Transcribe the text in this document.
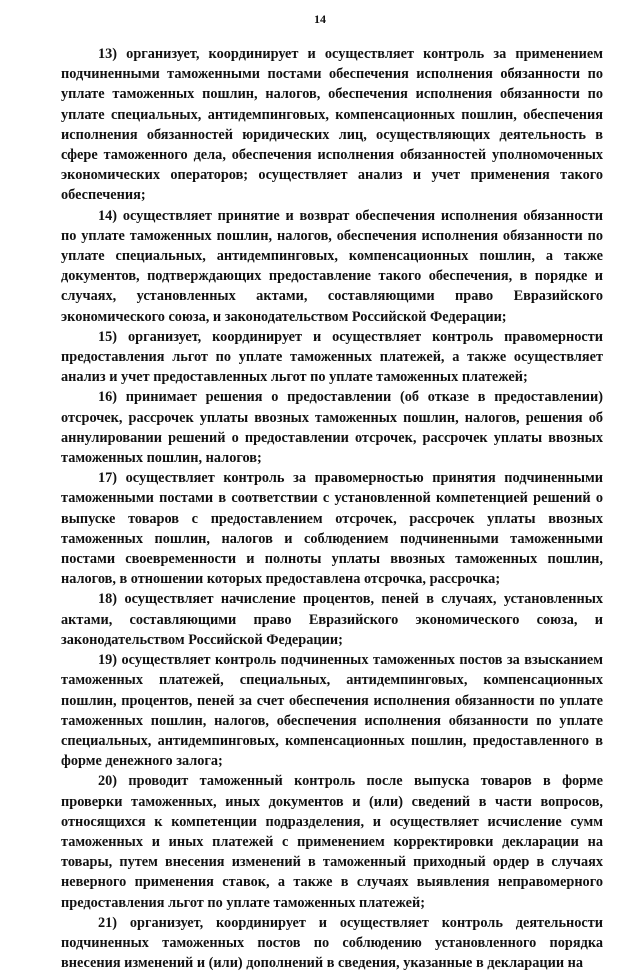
14

13) организует, координирует и осуществляет контроль за применением подчиненными таможенными постами обеспечения исполнения обязанности по уплате таможенных пошлин, налогов, обеспечения исполнения обязанности по уплате специальных, антидемпинговых, компенсационных пошлин, обеспечения исполнения обязанностей юридических лиц, осуществляющих деятельность в сфере таможенного дела, обеспечения исполнения обязанностей уполномоченных экономических операторов; осуществляет анализ и учет применения такого обеспечения;

14) осуществляет принятие и возврат обеспечения исполнения обязанности по уплате таможенных пошлин, налогов, обеспечения исполнения обязанности по уплате специальных, антидемпинговых, компенсационных пошлин, а также документов, подтверждающих предоставление такого обеспечения, в порядке и случаях, установленных актами, составляющими право Евразийского экономического союза, и законодательством Российской Федерации;

15) организует, координирует и осуществляет контроль правомерности предоставления льгот по уплате таможенных платежей, а также осуществляет анализ и учет предоставленных льгот по уплате таможенных платежей;

16) принимает решения о предоставлении (об отказе в предоставлении) отсрочек, рассрочек уплаты ввозных таможенных пошлин, налогов, решения об аннулировании решений о предоставлении отсрочек, рассрочек уплаты ввозных таможенных пошлин, налогов;

17) осуществляет контроль за правомерностью принятия подчиненными таможенными постами в соответствии с установленной компетенцией решений о выпуске товаров с предоставлением отсрочек, рассрочек уплаты ввозных таможенных пошлин, налогов и соблюдением подчиненными таможенными постами своевременности и полноты уплаты ввозных таможенных пошлин, налогов, в отношении которых предоставлена отсрочка, рассрочка;

18) осуществляет начисление процентов, пеней в случаях, установленных актами, составляющими право Евразийского экономического союза, и законодательством Российской Федерации;

19) осуществляет контроль подчиненных таможенных постов за взысканием таможенных платежей, специальных, антидемпинговых, компенсационных пошлин, процентов, пеней за счет обеспечения исполнения обязанности по уплате таможенных пошлин, налогов, обеспечения исполнения обязанности по уплате специальных, антидемпинговых, компенсационных пошлин, предоставленного в форме денежного залога;

20) проводит таможенный контроль после выпуска товаров в форме проверки таможенных, иных документов и (или) сведений в части вопросов, относящихся к компетенции подразделения, и осуществляет исчисление сумм таможенных и иных платежей с применением корректировки декларации на товары, путем внесения изменений в таможенный приходный ордер в случаях неверного применения ставок, а также в случаях выявления неправомерного предоставления льгот по уплате таможенных платежей;

21) организует, координирует и осуществляет контроль деятельности подчиненных таможенных постов по соблюдению установленного порядка внесения изменений и (или) дополнений в сведения, указанные в декларации на
